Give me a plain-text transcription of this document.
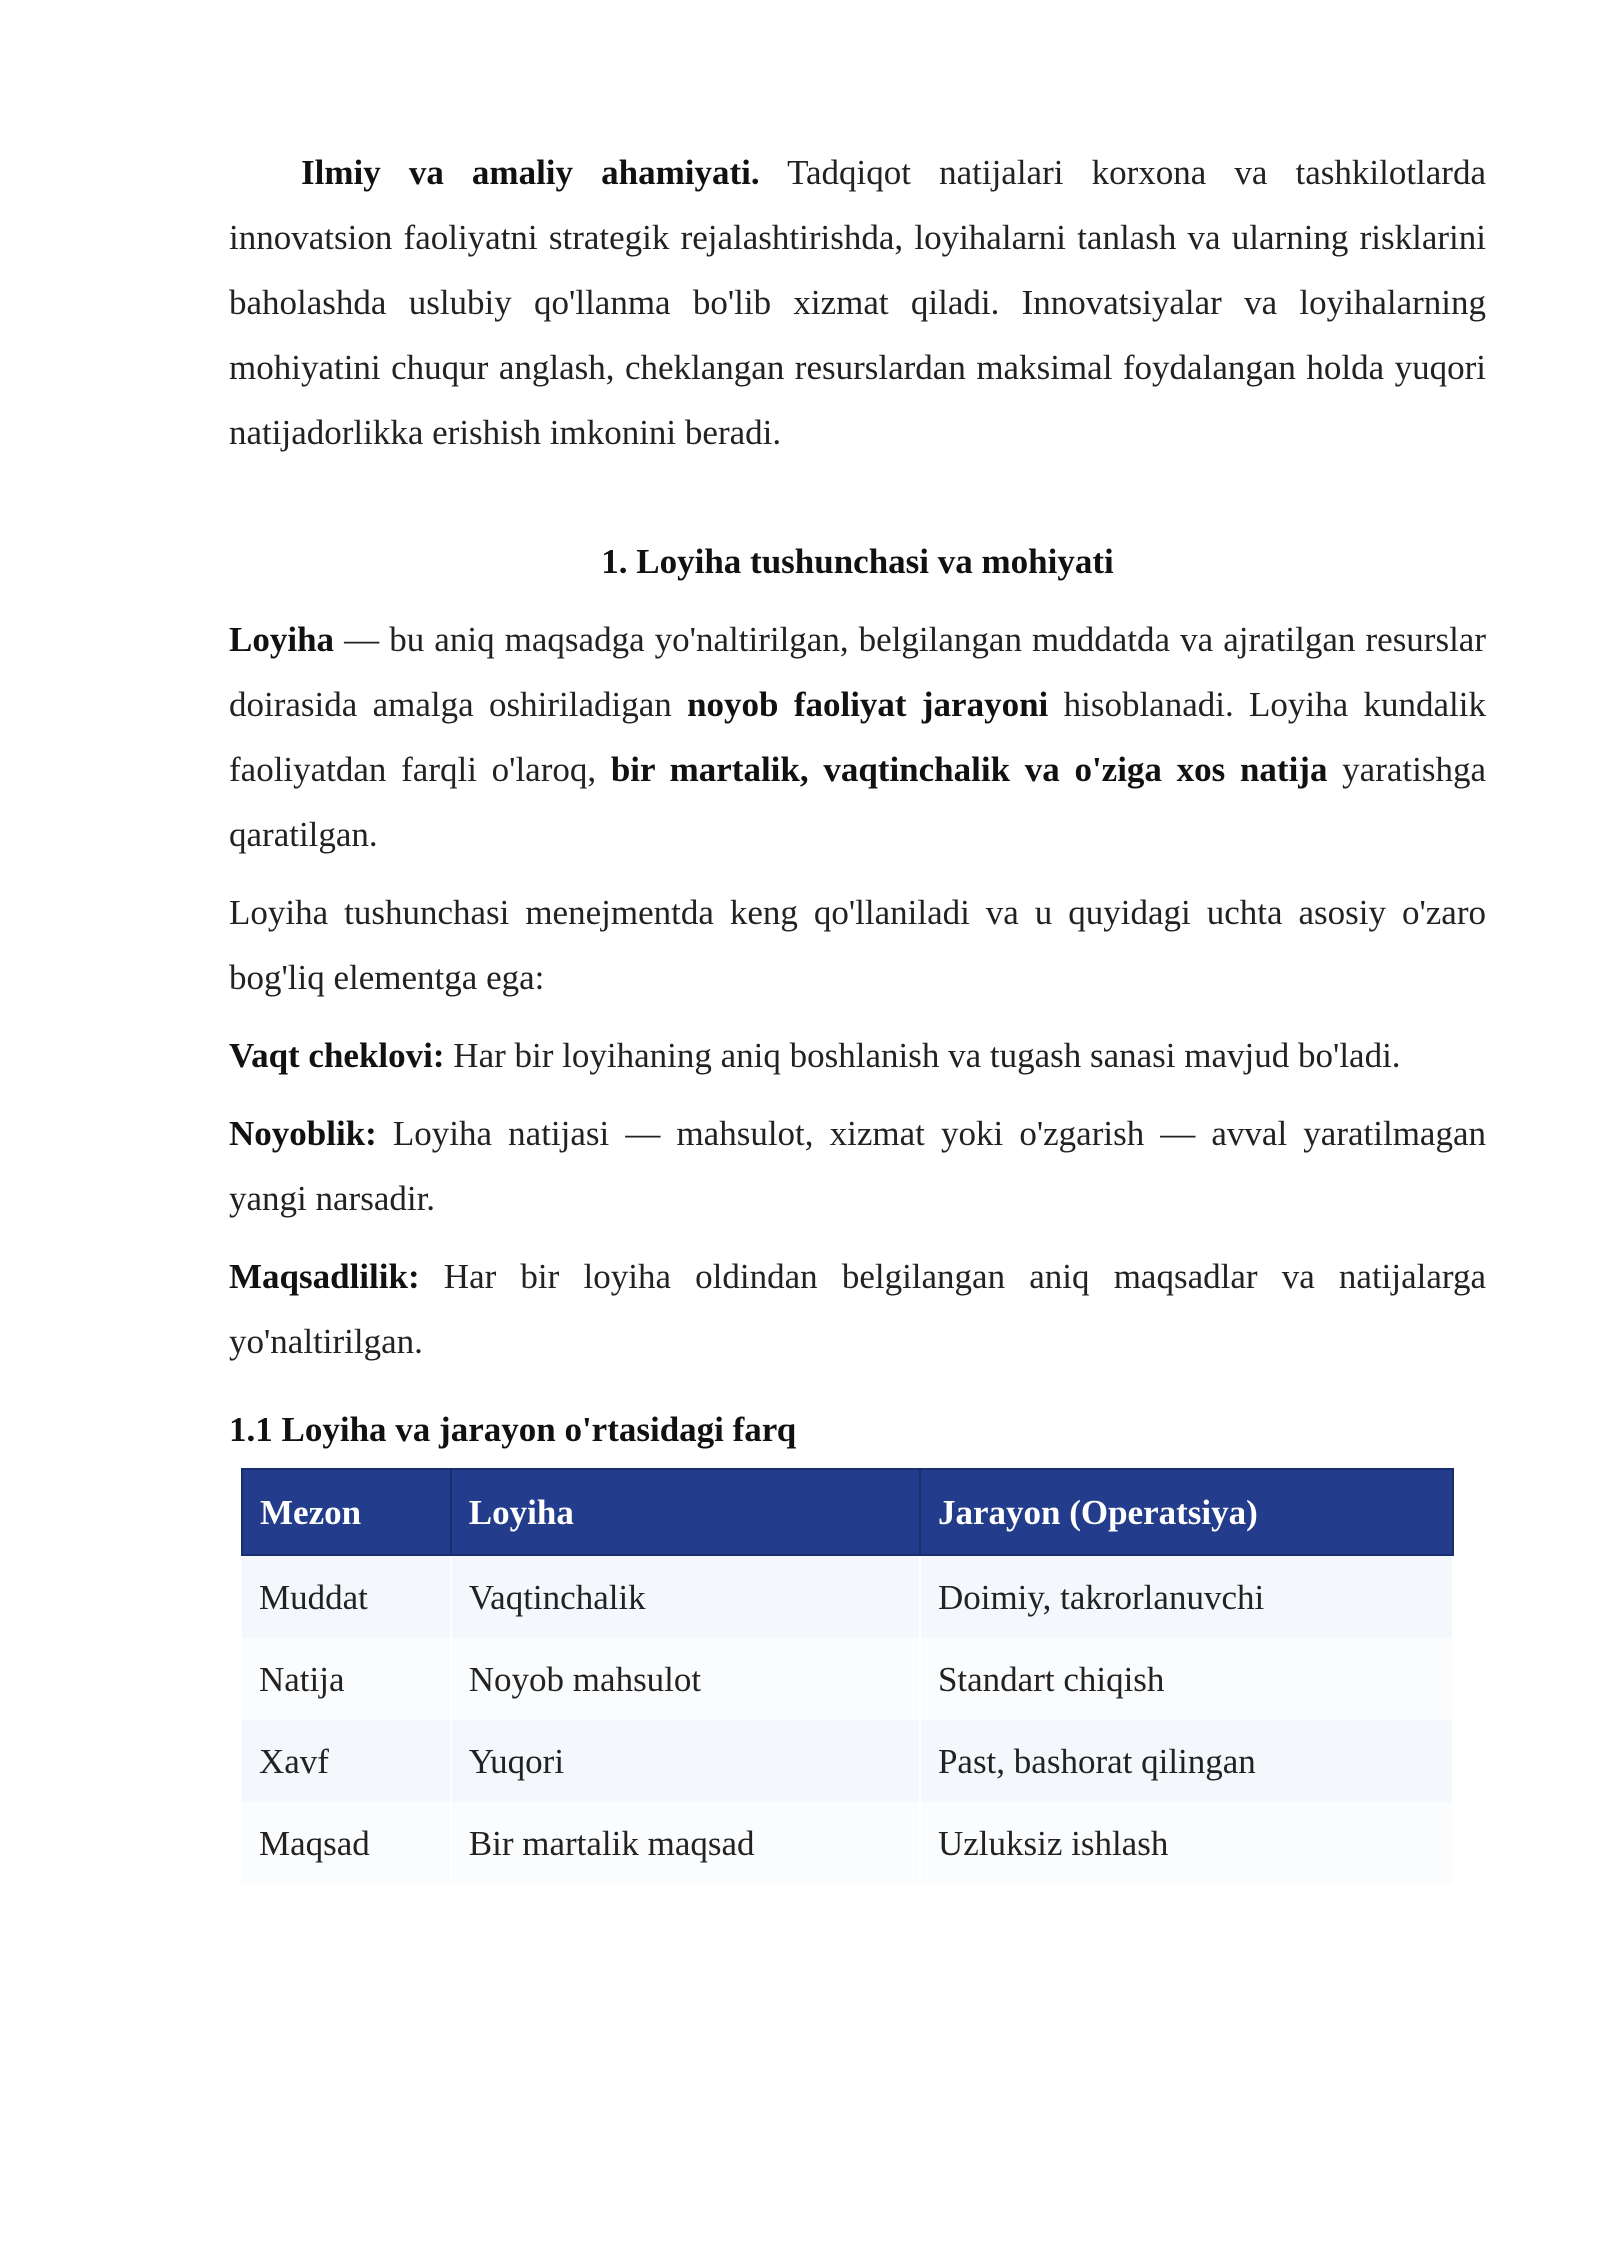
Ilmiy va amaliy ahamiyati. Tadqiqot natijalari korxona va tashkilotlarda innovatsion faoliyatni strategik rejalashtirishda, loyihalarni tanlash va ularning risklarini baholashda uslubiy qo'llanma bo'lib xizmat qiladi. Innovatsiyalar va loyihalarning mohiyatini chuqur anglash, cheklangan resurslardan maksimal foydalangan holda yuqori natijadorlikka erishish imkonini beradi.

1. Loyiha tushunchasi va mohiyati

Loyiha — bu aniq maqsadga yo'naltirilgan, belgilangan muddatda va ajratilgan resurslar doirasida amalga oshiriladigan noyob faoliyat jarayoni hisoblanadi. Loyiha kundalik faoliyatdan farqli o'laroq, bir martalik, vaqtinchalik va o'ziga xos natija yaratishga qaratilgan.

Loyiha tushunchasi menejmentda keng qo'llaniladi va u quyidagi uchta asosiy o'zaro bog'liq elementga ega:

Vaqt cheklovi: Har bir loyihaning aniq boshlanish va tugash sanasi mavjud bo'ladi.

Noyoblik: Loyiha natijasi — mahsulot, xizmat yoki o'zgarish — avval yaratilmagan yangi narsadir.

Maqsadlilik: Har bir loyiha oldindan belgilangan aniq maqsadlar va natijalarga yo'naltirilgan.

1.1 Loyiha va jarayon o'rtasidagi farq
Mezon	Loyiha	Jarayon (Operatsiya)
Muddat	Vaqtinchalik	Doimiy, takrorlanuvchi
Natija	Noyob mahsulot	Standart chiqish
Xavf	Yuqori	Past, bashorat qilingan
Maqsad	Bir martalik maqsad	Uzluksiz ishlash
